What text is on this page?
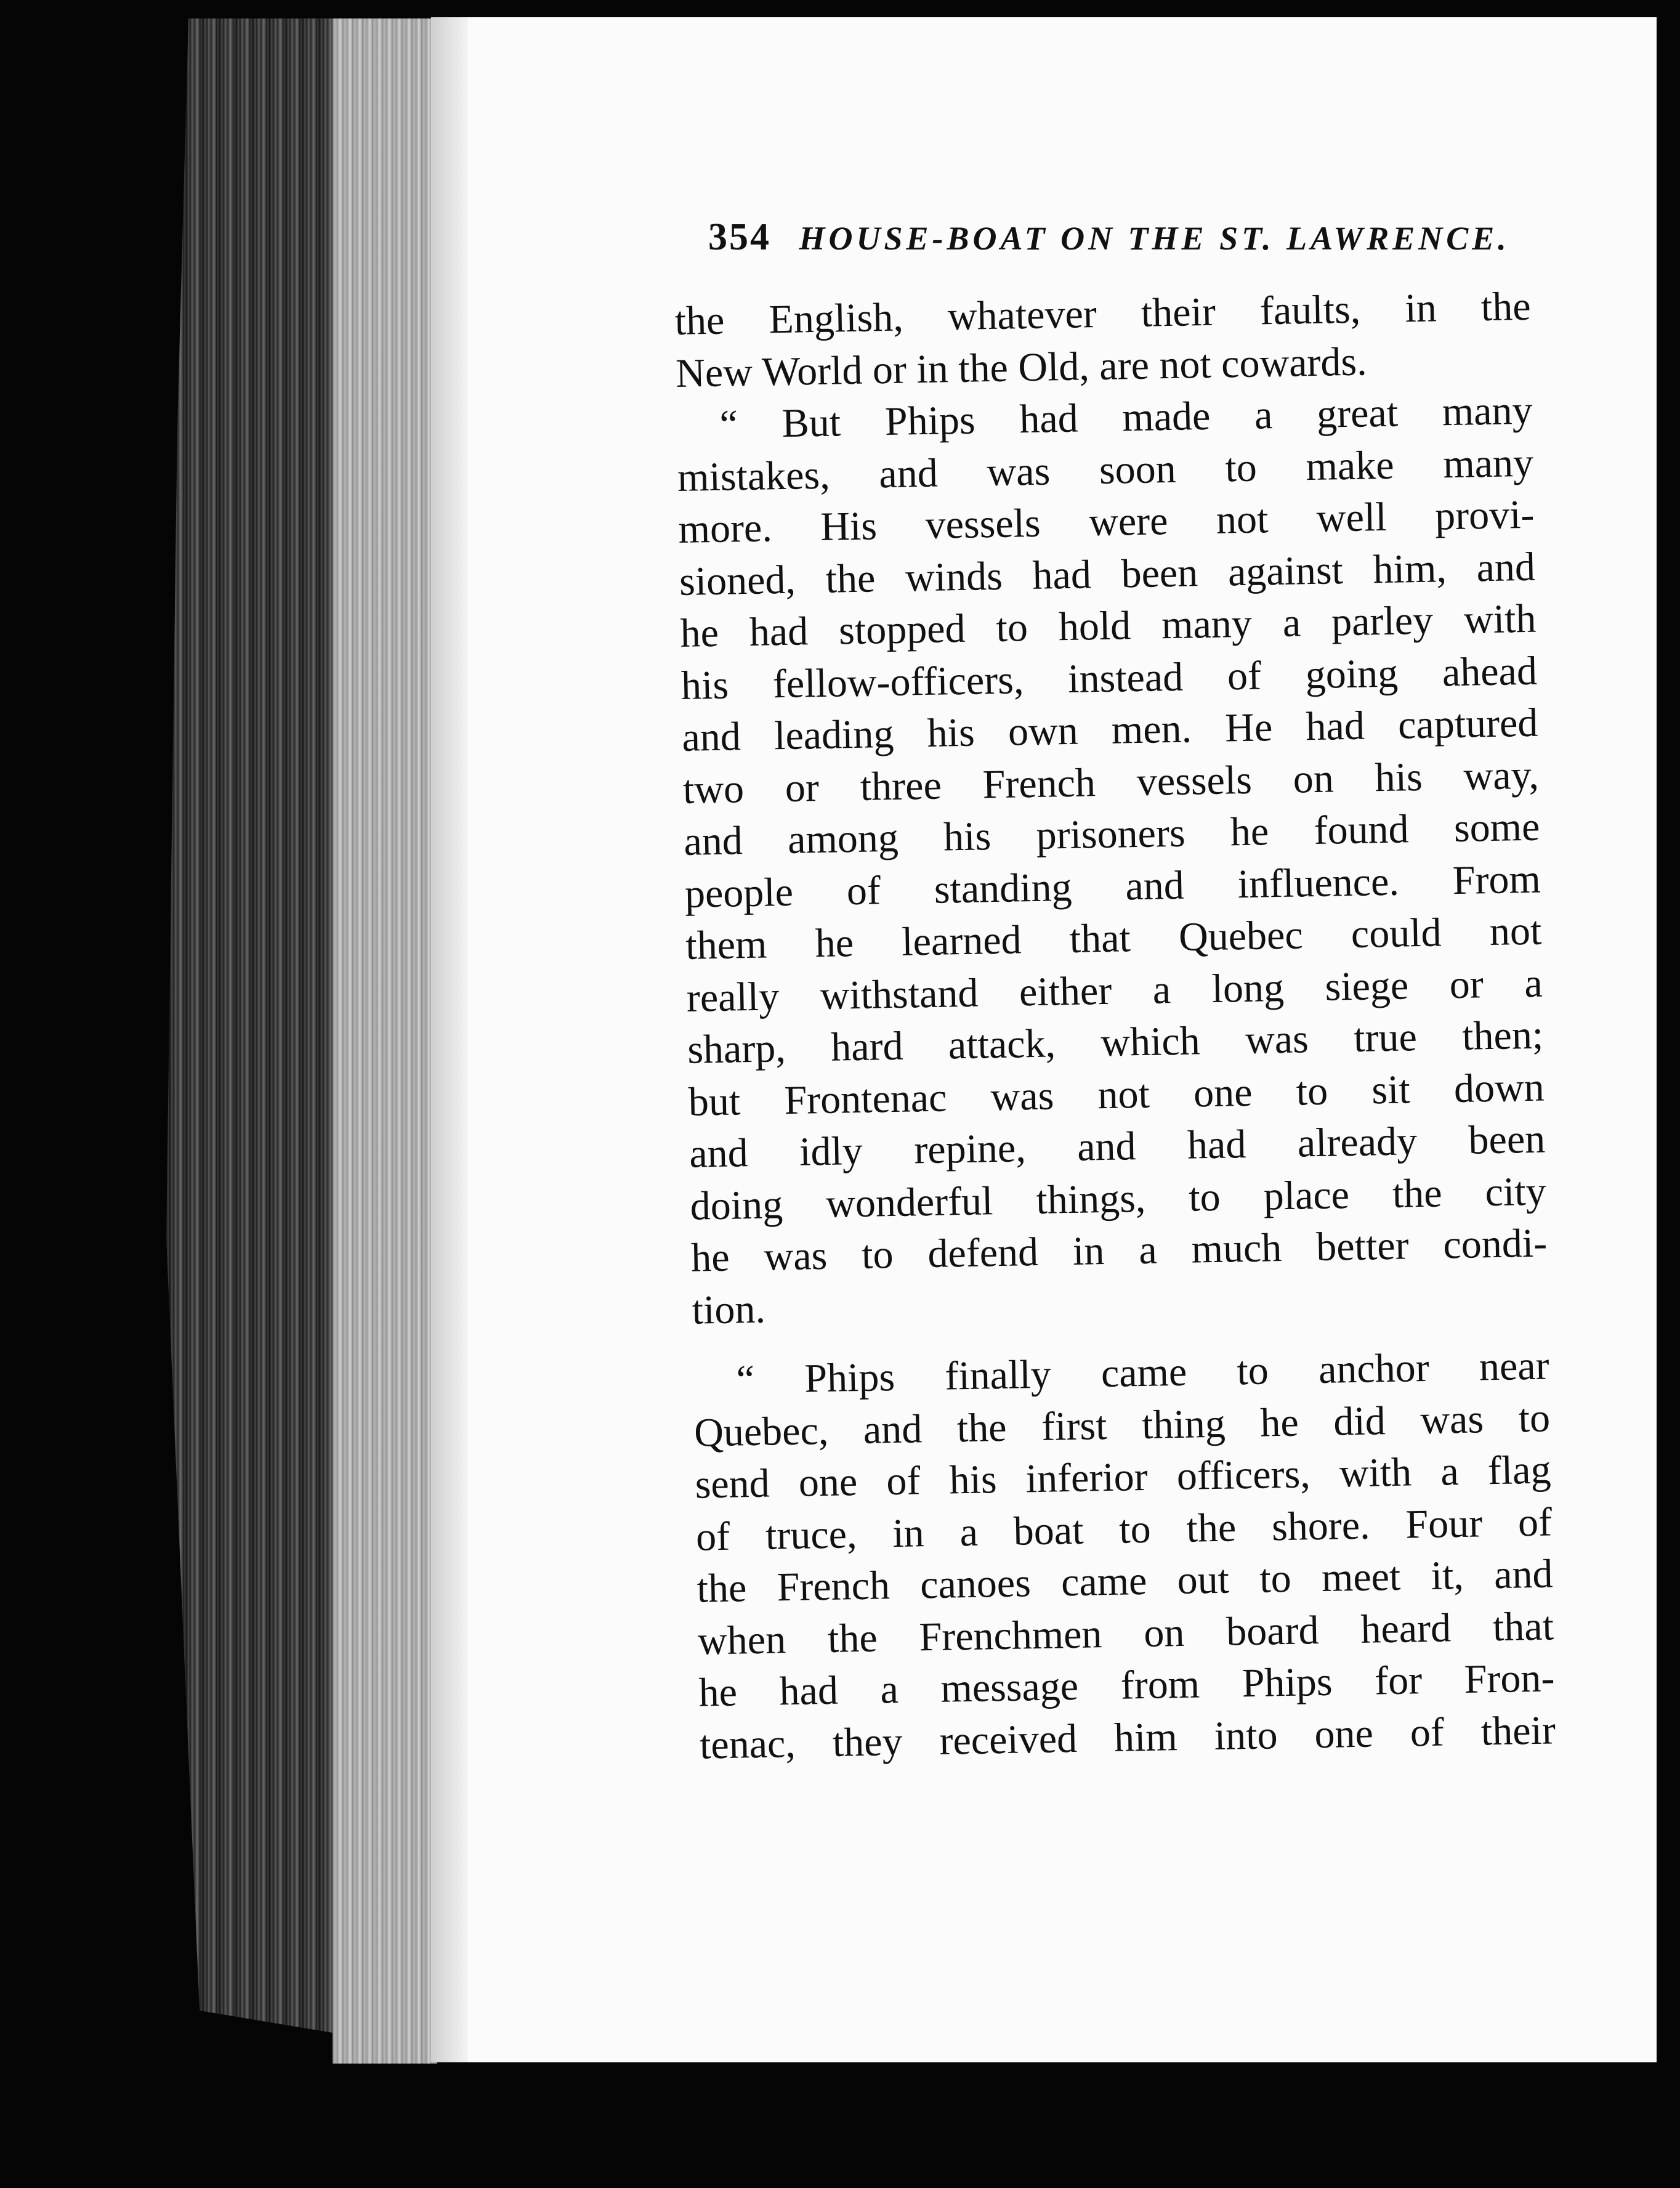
354 HOUSE-BOAT ON THE ST. LAWRENCE.
the English, whatever their faults, in the
New World or in the Old, are not cowards.
“ But Phips had made a great many
mistakes, and was soon to make many
more. His vessels were not well provi-
sioned, the winds had been against him, and
he had stopped to hold many a parley with
his fellow-officers, instead of going ahead
and leading his own men. He had captured
two or three French vessels on his way,
and among his prisoners he found some
people of standing and influence. From
them he learned that Quebec could not
really withstand either a long siege or a
sharp, hard attack, which was true then;
but Frontenac was not one to sit down
and idly repine, and had already been
doing wonderful things, to place the city
he was to defend in a much better condi-
tion.
“ Phips finally came to anchor near
Quebec, and the first thing he did was to
send one of his inferior officers, with a flag
of truce, in a boat to the shore. Four of
the French canoes came out to meet it, and
when the Frenchmen on board heard that
he had a message from Phips for Fron-
tenac, they received him into one of their
